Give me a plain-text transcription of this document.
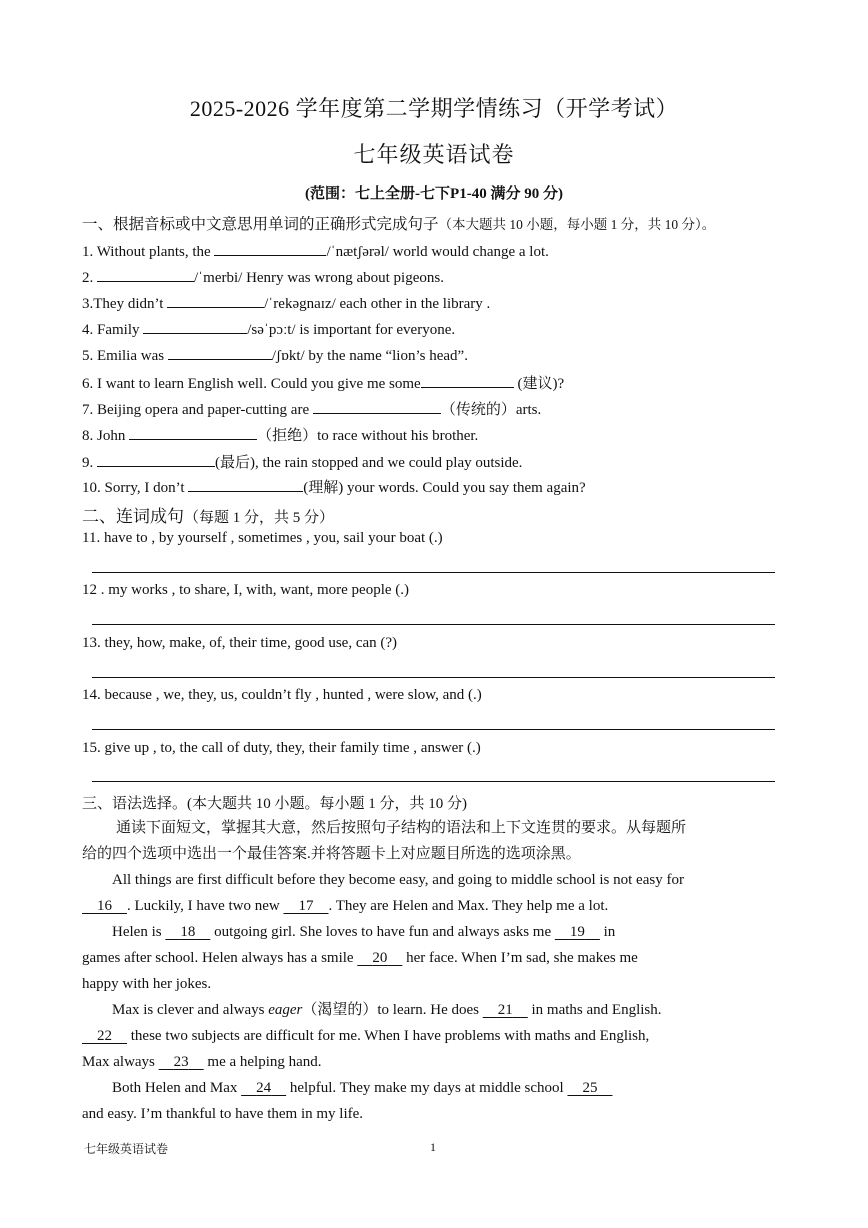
2025-2026 学年度第二学期学情练习（开学考试）
七年级英语试卷
(范围：七上全册-七下P1-40 满分 90 分)
一、根据音标或中文意思用单词的正确形式完成句子（本大题共 10 小题，每小题 1 分，共 10 分）。
1. Without plants, the	/ˈnætʃərəl/ world would change a lot.
2.	/ˈmerbi/ Henry was wrong about pigeons.
3.They didn’t	/ˈrekəgnaɪz/ each other in the library .
4. Family	/səˈpɔːt/ is important for everyone.
5. Emilia was	/ʃɒkt/ by the name “lion’s head”.
6. I want to learn English well. Could you give me some	(建议)?
7. Beijing opera and paper-cutting are	（传统的）arts.
8. John	（拒绝）to race without his brother.
9.	(最后), the rain stopped and we could play outside.
10. Sorry, I don’t	(理解) your words. Could you say them again?
二、连词成句（每题 1 分，共 5 分）
11. have to , by yourself , sometimes , you, sail your boat (.)
12 . my works , to share, I, with, want, more people (.)
13. they, how, make, of, their time, good use, can (?)
14. because , we, they, us, couldn’t fly , hunted , were slow, and (.)
15. give up , to, the call of duty, they, their family time , answer (.)
三、语法选择。(本大题共 10 小题。每小题 1 分，共 10 分)
通读下面短文，掌握其大意，然后按照句子结构的语法和上下文连贯的要求。从每题所
给的四个选项中选出一个最佳答案.并将答题卡上对应题目所选的选项涂黑。
All things are first difficult before they become easy, and going to middle school is not easy for
16 . Luckily, I have two new     17 . They are Helen and Max. They help me a lot.
Helen is     18     outgoing girl. She loves to have fun and always asks me     19     in
games after school. Helen always has a smile     20     her face. When I’m sad, she makes me
happy with her jokes.
Max is clever and always eager（渴望的）to learn. He does     21     in maths and English.
22     these two subjects are difficult for me. When I have problems with maths and English,
Max always     23     me a helping hand.
Both Helen and Max     24     helpful. They make my days at middle school     25
and easy. I’m thankful to have them in my life.
七年级英语试卷	1
